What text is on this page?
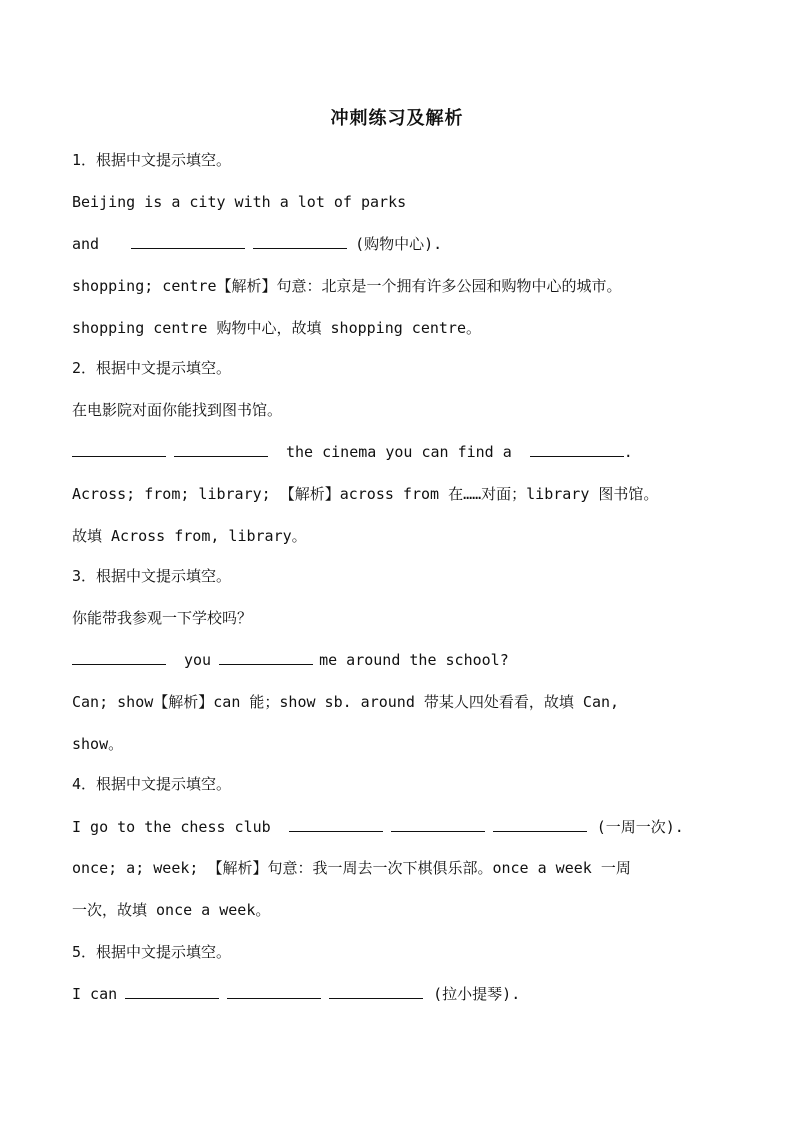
冲刺练习及解析
1．根据中文提示填空。
Beijing is a city with a lot of parks
and	(购物中心).
shopping; centre【解析】句意：北京是一个拥有许多公园和购物中心的城市。
shopping centre 购物中心，故填 shopping centre。
2．根据中文提示填空。
在电影院对面你能找到图书馆。
the cinema you can find a	.
Across; from; library; 【解析】across from 在……对面；library 图书馆。
故填 Across from, library。
3．根据中文提示填空。
你能带我参观一下学校吗？
you	me around the school?
Can; show【解析】can 能；show sb. around 带某人四处看看，故填 Can,
show。
4．根据中文提示填空。
I go to the chess club	(一周一次).
once; a; week; 【解析】句意：我一周去一次下棋俱乐部。once a week 一周
一次，故填 once a week。
5．根据中文提示填空。
I can	(拉小提琴).
